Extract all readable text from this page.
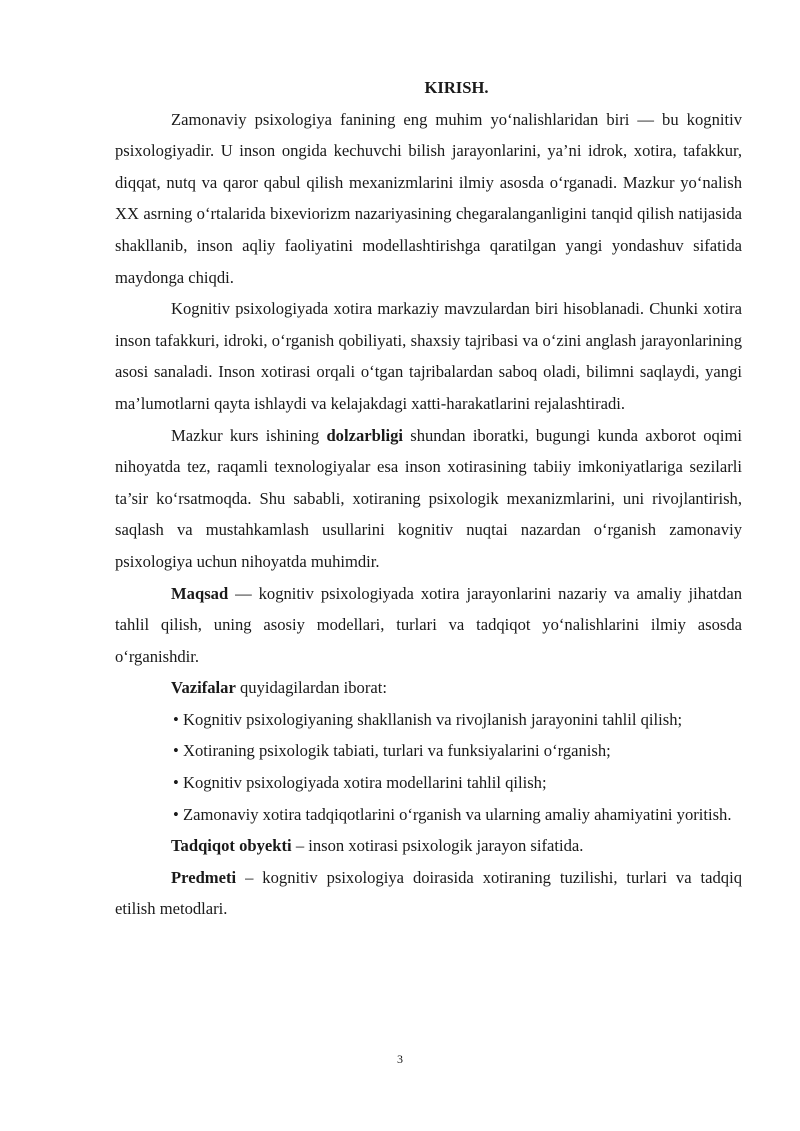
KIRISH.

Zamonaviy psixologiya fanining eng muhim yo‘nalishlaridan biri — bu kognitiv psixologiyadir. U inson ongida kechuvchi bilish jarayonlarini, ya’ni idrok, xotira, tafakkur, diqqat, nutq va qaror qabul qilish mexanizmlarini ilmiy asosda o‘rganadi. Mazkur yo‘nalish XX asrning o‘rtalarida bixeviorizm nazariyasining chegaralanganligini tanqid qilish natijasida shakllanib, inson aqliy faoliyatini modellashtirishga qaratilgan yangi yondashuv sifatida maydonga chiqdi.

Kognitiv psixologiyada xotira markaziy mavzulardan biri hisoblanadi. Chunki xotira inson tafakkuri, idroki, o‘rganish qobiliyati, shaxsiy tajribasi va o‘zini anglash jarayonlarining asosi sanaladi. Inson xotirasi orqali o‘tgan tajribalardan saboq oladi, bilimni saqlaydi, yangi ma’lumotlarni qayta ishlaydi va kelajakdagi xatti-harakatlarini rejalashtiradi.

Mazkur kurs ishining dolzarbligi shundan iboratki, bugungi kunda axborot oqimi nihoyatda tez, raqamli texnologiyalar esa inson xotirasining tabiiy imkoniyatlariga sezilarli ta’sir ko‘rsatmoqda. Shu sababli, xotiraning psixologik mexanizmlarini, uni rivojlantirish, saqlash va mustahkamlash usullarini kognitiv nuqtai nazardan o‘rganish zamonaviy psixologiya uchun nihoyatda muhimdir.

Maqsad — kognitiv psixologiyada xotira jarayonlarini nazariy va amaliy jihatdan tahlil qilish, uning asosiy modellari, turlari va tadqiqot yo‘nalishlarini ilmiy asosda o‘rganishdir.

Vazifalar quyidagilardan iborat:

• Kognitiv psixologiyaning shakllanish va rivojlanish jarayonini tahlil qilish;

• Xotiraning psixologik tabiati, turlari va funksiyalarini o‘rganish;

• Kognitiv psixologiyada xotira modellarini tahlil qilish;

• Zamonaviy xotira tadqiqotlarini o‘rganish va ularning amaliy ahamiyatini yoritish.

Tadqiqot obyekti – inson xotirasi psixologik jarayon sifatida.

Predmeti – kognitiv psixologiya doirasida xotiraning tuzilishi, turlari va tadqiq etilish metodlari.

3
